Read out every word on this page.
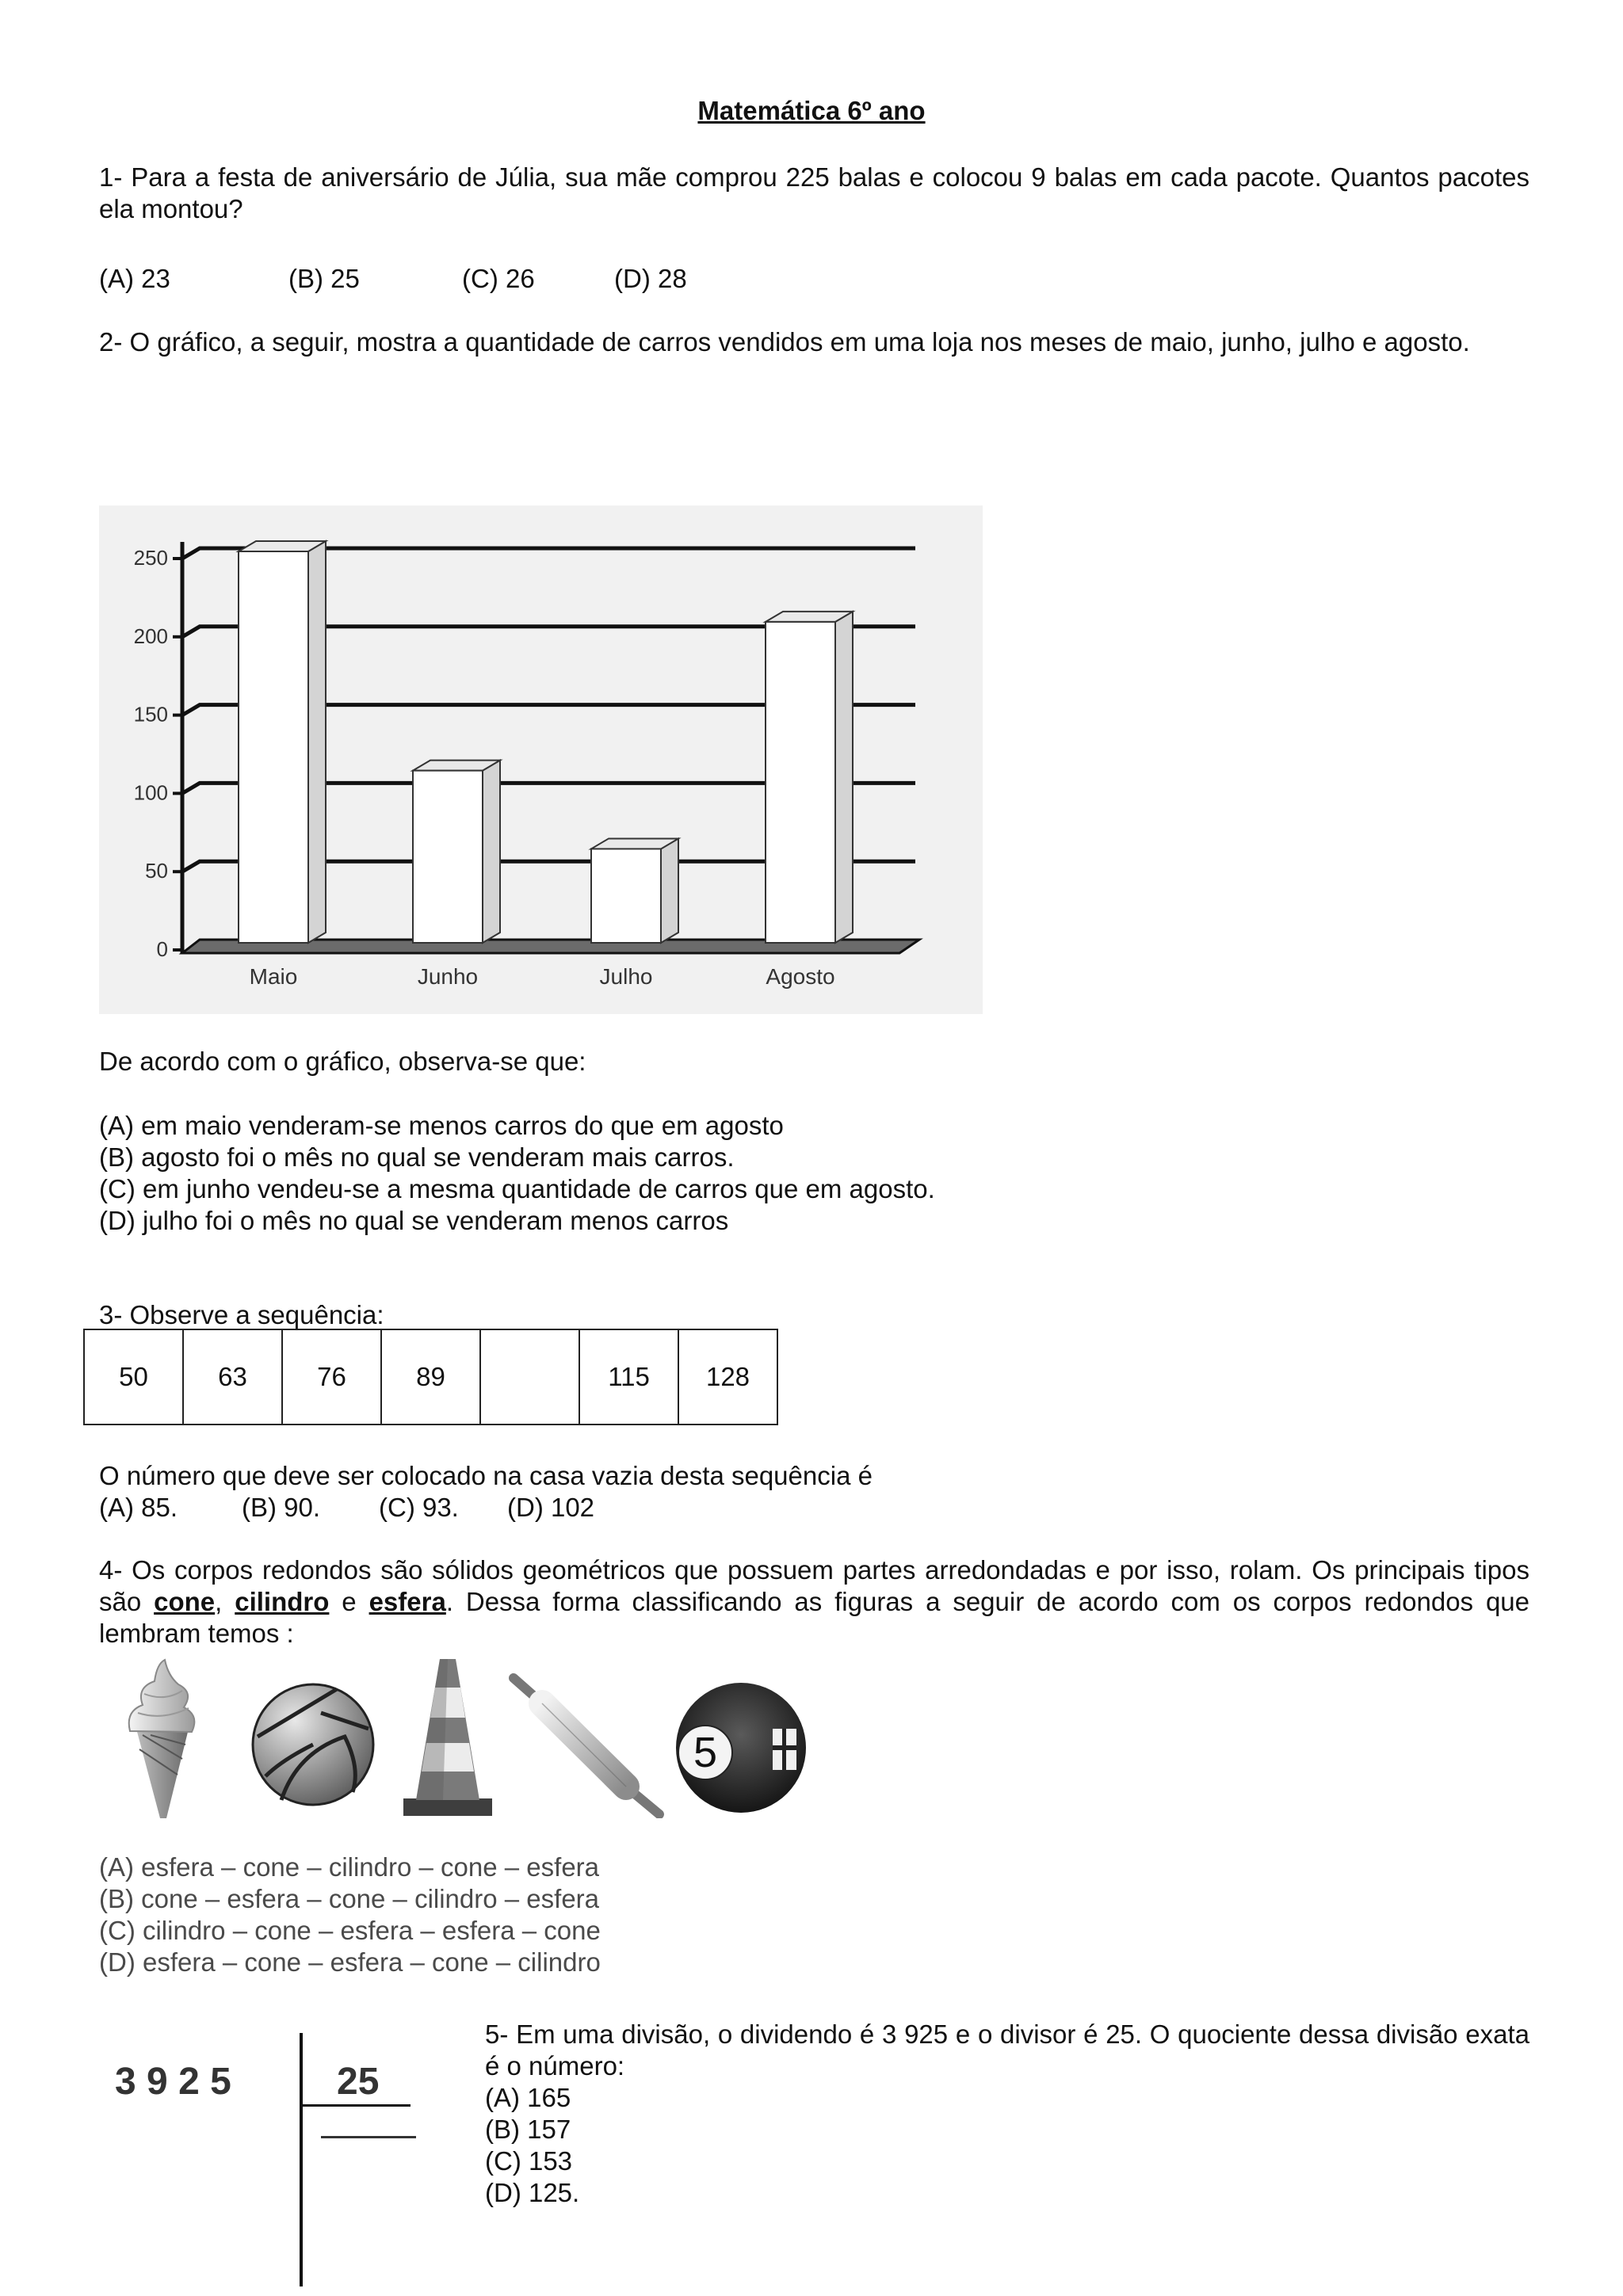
Matemática 6º ano
1- Para a festa de aniversário de Júlia, sua mãe comprou 225 balas e colocou 9 balas em cada pacote. Quantos pacotes ela montou?
(A) 23	(B) 25	(C) 26	(D) 28
2- O gráfico, a seguir, mostra a quantidade de carros vendidos em uma loja nos meses de maio, junho, julho e agosto.
0
50
100
150
200
250
Maio	Junho	Julho	Agosto
De acordo com o gráfico, observa-se que:
(A) em maio venderam-se menos carros do que em agosto
(B) agosto foi o mês no qual se venderam mais carros.
(C) em junho vendeu-se a mesma quantidade de carros que em agosto.
(D) julho foi o mês no qual se venderam menos carros
3- Observe a sequência:
50	63	76	89		115	128
O número que deve ser colocado na casa vazia desta sequência é
(A) 85. (B) 90. (C) 93. (D) 102
4- Os corpos redondos são sólidos geométricos que possuem partes arredondadas e por isso, rolam. Os principais tipos são cone, cilindro e esfera. Dessa forma classificando as figuras a seguir de acordo com os corpos redondos que lembram temos :
5
(A) esfera – cone – cilindro – cone – esfera
(B) cone – esfera – cone – cilindro – esfera
(C) cilindro – cone – esfera – esfera – cone
(D) esfera – cone – esfera – cone – cilindro
3 9 2 5	25
5- Em uma divisão, o dividendo é 3 925 e o divisor é 25. O quociente dessa divisão exata é o número:
(A) 165
(B) 157
(C) 153
(D) 125.
